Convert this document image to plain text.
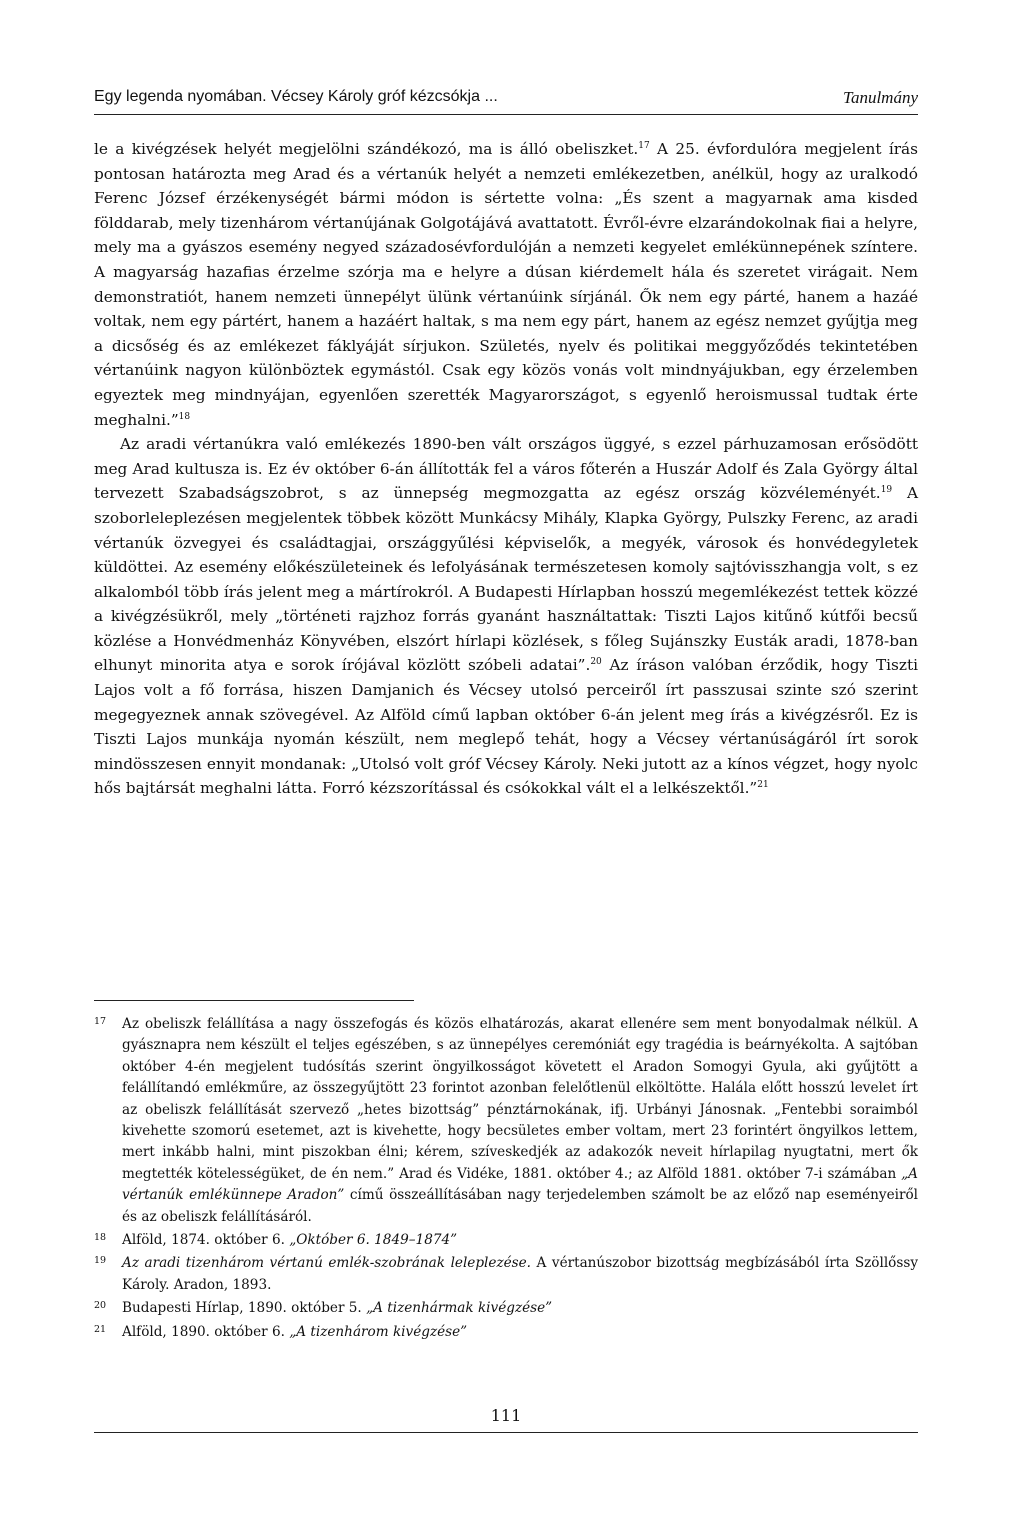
Egy legenda nyomában. Vécsey Károly gróf kézcsókja ...	Tanulmány

le a kivégzések helyét megjelölni szándékozó, ma is álló obeliszket.$^{17}$ A 25. évfordulóra megjelent írás pontosan határozta meg Arad és a vértanúk helyét a nemzeti emlékezetben, anélkül, hogy az uralkodó Ferenc József érzékenységét bármi módon is sértette volna: „És szent a magyarnak ama kisded földdarab, mely tizenhárom vértanújának Golgotájává avattatott. Évről-évre elzarándokolnak fiai a helyre, mely ma a gyászos esemény negyed századosévfordulóján a nemzeti kegyelet emlékünnepének színtere. A magyarság hazafias érzelme szórja ma e helyre a dúsan kiérdemelt hála és szeretet virágait. Nem demonstratiót, hanem nemzeti ünnepélyt ülünk vértanúink sírjánál. Ők nem egy párté, hanem a hazáé voltak, nem egy pártért, hanem a hazáért haltak, s ma nem egy párt, hanem az egész nemzet gyűjtja meg a dicsőség és az emlékezet fáklyáját sírjukon. Születés, nyelv és politikai meggyőződés tekintetében vértanúink nagyon különböztek egymástól. Csak egy közös vonás volt mindnyájukban, egy érzelemben egyeztek meg mindnyájan, egyenlően szerették Magyarországot, s egyenlő heroismussal tudtak érte meghalni.”$^{18}$

Az aradi vértanúkra való emlékezés 1890-ben vált országos üggyé, s ezzel párhuzamosan erősödött meg Arad kultusza is. Ez év október 6-án állították fel a város főterén a Huszár Adolf és Zala György által tervezett Szabadságszobrot, s az ünnepség megmozgatta az egész ország közvéleményét.$^{19}$ A szoborleleplezésen megjelentek többek között Munkácsy Mihály, Klapka György, Pulszky Ferenc, az aradi vértanúk özvegyei és családtagjai, országgyűlési képviselők, a megyék, városok és honvédegyletek küldöttei. Az esemény előkészületeinek és lefolyásának természetesen komoly sajtóvisszhangja volt, s ez alkalomból több írás jelent meg a mártírokról. A Budapesti Hírlapban hosszú megemlékezést tettek közzé a kivégzésükről, mely „történeti rajzhoz forrás gyanánt használtattak: Tiszti Lajos kitűnő kútfői becsű közlése a Honvédmenház Könyvében, elszórt hírlapi közlések, s főleg Sujánszky Eusták aradi, 1878-ban elhunyt minorita atya e sorok írójával közlött szóbeli adatai”.$^{20}$ Az íráson valóban érződik, hogy Tiszti Lajos volt a fő forrása, hiszen Damjanich és Vécsey utolsó perceiről írt passzusai szinte szó szerint megegyeznek annak szövegével. Az Alföld című lapban október 6-án jelent meg írás a kivégzésről. Ez is Tiszti Lajos munkája nyomán készült, nem meglepő tehát, hogy a Vécsey vértanúságáról írt sorok mindösszesen ennyit mondanak: „Utolsó volt gróf Vécsey Károly. Neki jutott az a kínos végzet, hogy nyolc hős bajtársát meghalni látta. Forró kézszorítással és csókokkal vált el a lelkészektől.”$^{21}$

17 Az obeliszk felállítása a nagy összefogás és közös elhatározás, akarat ellenére sem ment bonyodalmak nélkül. A gyásznapra nem készült el teljes egészében, s az ünnepélyes ceremóniát egy tragédia is beárnyékolta. A sajtóban október 4-én megjelent tudósítás szerint öngyilkosságot követett el Aradon Somogyi Gyula, aki gyűjtött a felállítandó emlékműre, az összegyűjtött 23 forintot azonban felelőtlenül elköltötte. Halála előtt hosszú levelet írt az obeliszk felállítását szervező „hetes bizottság” pénztárnokának, ifj. Urbányi Jánosnak. „Fentebbi soraimból kivehette szomorú esetemet, azt is kivehette, hogy becsületes ember voltam, mert 23 forintért öngyilkos lettem, mert inkább halni, mint piszokban élni; kérem, szíveskedjék az adakozók neveit hírlapilag nyugtatni, mert ők megtették kötelességüket, de én nem.” Arad és Vidéke, 1881. október 4.; az Alföld 1881. október 7-i számában „A vértanúk emlékünnepe Aradon” című összeállításában nagy terjedelemben számolt be az előző nap eseményeiről és az obeliszk felállításáról.
18 Alföld, 1874. október 6. „Október 6. 1849–1874”
19 Az aradi tizenhárom vértanú emlék-szobrának leleplezése. A vértanúszobor bizottság megbízásából írta Szöllőssy Károly. Aradon, 1893.
20 Budapesti Hírlap, 1890. október 5. „A tizenhármak kivégzése”
21 Alföld, 1890. október 6. „A tizenhárom kivégzése”
111
